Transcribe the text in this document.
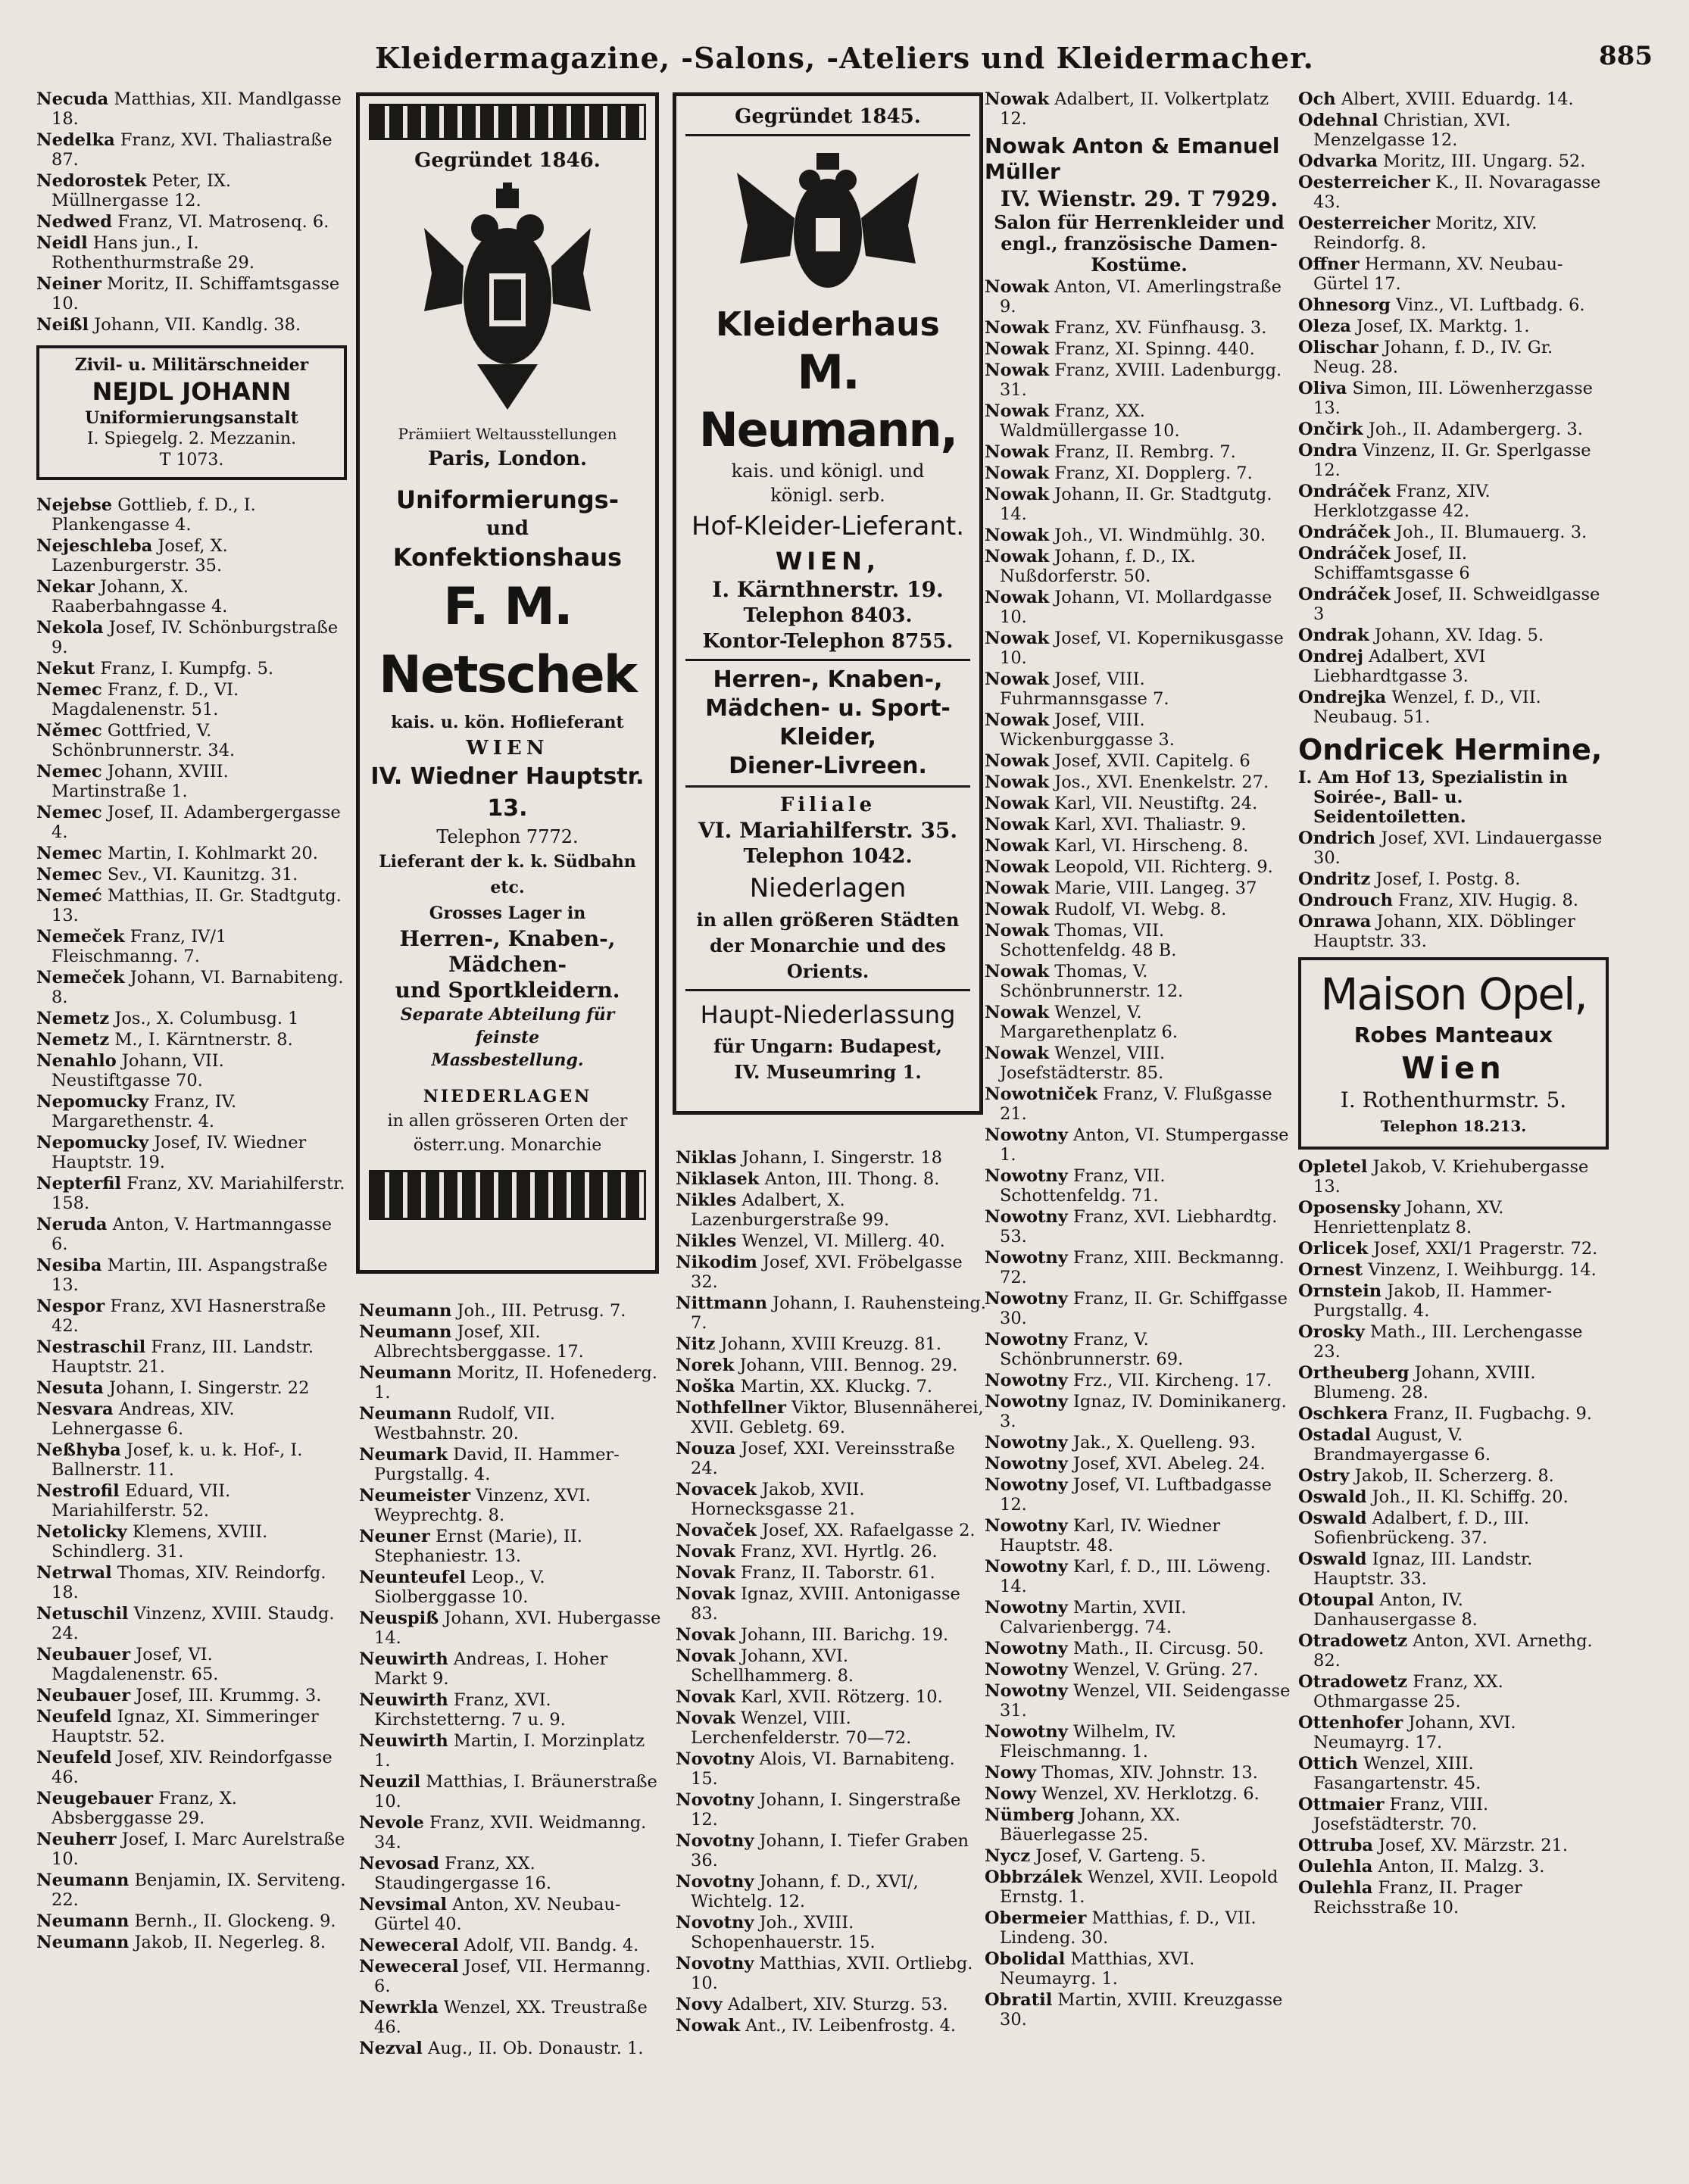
Kleidermagazine, -Salons, -Ateliers und Kleidermacher.	885
Necuda Matthias, XII. Mandlgasse 18.
Nedelka Franz, XVI. Thaliastraße 87.
Nedorostek Peter, IX. Müllnergasse 12.
Nedwed Franz, VI. Matrosenq. 6.
Neidl Hans jun., I. Rothenthurmstraße 29.
Neiner Moritz, II. Schiffamtsgasse 10.
Neißl Johann, VII. Kandlg. 38.
Zivil- u. Militärschneider
NEJDL JOHANN
Uniformierungsanstalt
I. Spiegelg. 2. Mezzanin.
T 1073.
Nejebse Gottlieb, f. D., I. Plankengasse 4.
Nejeschleba Josef, X. Lazenburgerstr. 35.
Nekar Johann, X. Raaberbahngasse 4.
Nekola Josef, IV. Schönburgstraße 9.
Nekut Franz, I. Kumpfg. 5.
Nemec Franz, f. D., VI. Magdalenenstr. 51.
Němec Gottfried, V. Schönbrunnerstr. 34.
Nemec Johann, XVIII. Martinstraße 1.
Nemec Josef, II. Adambergergasse 4.
Nemec Martin, I. Kohlmarkt 20.
Nemec Sev., VI. Kaunitzg. 31.
Nemeć Matthias, II. Gr. Stadtgutg. 13.
Nemeček Franz, IV/1 Fleischmanng. 7.
Nemeček Johann, VI. Barnabiteng. 8.
Nemetz Jos., X. Columbusg. 1
Nemetz M., I. Kärntnerstr. 8.
Nenahlo Johann, VII. Neustiftgasse 70.
Nepomucky Franz, IV. Margarethenstr. 4.
Nepomucky Josef, IV. Wiedner Hauptstr. 19.
Nepterfil Franz, XV. Mariahilferstr. 158.
Neruda Anton, V. Hartmanngasse 6.
Nesiba Martin, III. Aspangstraße 13.
Nespor Franz, XVI Hasnerstraße 42.
Nestraschil Franz, III. Landstr. Hauptstr. 21.
Nesuta Johann, I. Singerstr. 22
Nesvara Andreas, XIV. Lehnergasse 6.
Neßhyba Josef, k. u. k. Hof-, I. Ballnerstr. 11.
Nestrofil Eduard, VII. Mariahilferstr. 52.
Netolicky Klemens, XVIII. Schindlerg. 31.
Netrwal Thomas, XIV. Reindorfg. 18.
Netuschil Vinzenz, XVIII. Staudg. 24.
Neubauer Josef, VI. Magdalenenstr. 65.
Neubauer Josef, III. Krummg. 3.
Neufeld Ignaz, XI. Simmeringer Hauptstr. 52.
Neufeld Josef, XIV. Reindorfgasse 46.
Neugebauer Franz, X. Absberggasse 29.
Neuherr Josef, I. Marc Aurelstraße 10.
Neumann Benjamin, IX. Serviteng. 22.
Neumann Bernh., II. Glockeng. 9.
Neumann Jakob, II. Negerleg. 8.
Gegründet 1846.
Prämiiert Weltausstellungen
Paris, London.
Uniformierungs-
und
Konfektionshaus
F. M. Netschek
kais. u. kön. Hoflieferant
WIEN
IV. Wiedner Hauptstr. 13.
Telephon 7772.
Lieferant der k. k. Südbahn etc.
Grosses Lager in
Herren-, Knaben-, Mädchen-
und Sportkleidern.
Separate Abteilung für feinste
Massbestellung.
NIEDERLAGEN
in allen grösseren Orten der
österr.ung. Monarchie
Neumann Joh., III. Petrusg. 7.
Neumann Josef, XII. Albrechtsberggasse. 17.
Neumann Moritz, II. Hofenederg. 1.
Neumann Rudolf, VII. Westbahnstr. 20.
Neumark David, II. Hammer-Purgstallg. 4.
Neumeister Vinzenz, XVI. Weyprechtg. 8.
Neuner Ernst (Marie), II. Stephaniestr. 13.
Neunteufel Leop., V. Siolberggasse 10.
Neuspiß Johann, XVI. Hubergasse 14.
Neuwirth Andreas, I. Hoher Markt 9.
Neuwirth Franz, XVI. Kirchstetterng. 7 u. 9.
Neuwirth Martin, I. Morzinplatz 1.
Neuzil Matthias, I. Bräunerstraße 10.
Nevole Franz, XVII. Weidmanng. 34.
Nevosad Franz, XX. Staudingergasse 16.
Nevsimal Anton, XV. Neubau-Gürtel 40.
Neweceral Adolf, VII. Bandg. 4.
Neweceral Josef, VII. Hermanng. 6.
Newrkla Wenzel, XX. Treustraße 46.
Nezval Aug., II. Ob. Donaustr. 1.
Gegründet 1845.
Kleiderhaus
M. Neumann,
kais. und königl. und
königl. serb.
Hof-Kleider-Lieferant.
WIEN,
I. Kärnthnerstr. 19.
Telephon 8403.
Kontor-Telephon 8755.
Herren-, Knaben-,
Mädchen- u. Sport-
Kleider,
Diener-Livreen.
Filiale
VI. Mariahilferstr. 35.
Telephon 1042.
Niederlagen
in allen größeren Städten
der Monarchie und des
Orients.
Haupt-Niederlassung
für Ungarn: Budapest,
IV. Museumring 1.
Niklas Johann, I. Singerstr. 18
Niklasek Anton, III. Thong. 8.
Nikles Adalbert, X. Lazenburgerstraße 99.
Nikles Wenzel, VI. Millerg. 40.
Nikodim Josef, XVI. Fröbelgasse 32.
Nittmann Johann, I. Rauhensteing. 7.
Nitz Johann, XVIII Kreuzg. 81.
Norek Johann, VIII. Bennog. 29.
Noška Martin, XX. Kluckg. 7.
Nothfellner Viktor, Blusennäherei, XVII. Gebletg. 69.
Nouza Josef, XXI. Vereinsstraße 24.
Novacek Jakob, XVII. Hornecksgasse 21.
Novaček Josef, XX. Rafaelgasse 2.
Novak Franz, XVI. Hyrtlg. 26.
Novak Franz, II. Taborstr. 61.
Novak Ignaz, XVIII. Antonigasse 83.
Novak Johann, III. Barichg. 19.
Novak Johann, XVI. Schellhammerg. 8.
Novak Karl, XVII. Rötzerg. 10.
Novak Wenzel, VIII. Lerchenfelderstr. 70—72.
Novotny Alois, VI. Barnabiteng. 15.
Novotny Johann, I. Singerstraße 12.
Novotny Johann, I. Tiefer Graben 36.
Novotny Johann, f. D., XVI/, Wichtelg. 12.
Novotny Joh., XVIII. Schopenhauerstr. 15.
Novotny Matthias, XVII. Ortliebg. 10.
Novy Adalbert, XIV. Sturzg. 53.
Nowak Ant., IV. Leibenfrostg. 4.
Nowak Adalbert, II. Volkertplatz 12.
Nowak Anton & Emanuel Müller
IV. Wienstr. 29. T 7929.
Salon für Herrenkleider und engl., französische Damen-Kostüme.
Nowak Anton, VI. Amerlingstraße 9.
Nowak Franz, XV. Fünfhausg. 3.
Nowak Franz, XI. Spinng. 440.
Nowak Franz, XVIII. Ladenburgg. 31.
Nowak Franz, XX. Waldmüllergasse 10.
Nowak Franz, II. Rembrg. 7.
Nowak Franz, XI. Dopplerg. 7.
Nowak Johann, II. Gr. Stadtgutg. 14.
Nowak Joh., VI. Windmühlg. 30.
Nowak Johann, f. D., IX. Nußdorferstr. 50.
Nowak Johann, VI. Mollardgasse 10.
Nowak Josef, VI. Kopernikusgasse 10.
Nowak Josef, VIII. Fuhrmannsgasse 7.
Nowak Josef, VIII. Wickenburggasse 3.
Nowak Josef, XVII. Capitelg. 6
Nowak Jos., XVI. Enenkelstr. 27.
Nowak Karl, VII. Neustiftg. 24.
Nowak Karl, XVI. Thaliastr. 9.
Nowak Karl, VI. Hirscheng. 8.
Nowak Leopold, VII. Richterg. 9.
Nowak Marie, VIII. Langeg. 37
Nowak Rudolf, VI. Webg. 8.
Nowak Thomas, VII. Schottenfeldg. 48 B.
Nowak Thomas, V. Schönbrunnerstr. 12.
Nowak Wenzel, V. Margarethenplatz 6.
Nowak Wenzel, VIII. Josefstädterstr. 85.
Nowotniček Franz, V. Flußgasse 21.
Nowotny Anton, VI. Stumpergasse 1.
Nowotny Franz, VII. Schottenfeldg. 71.
Nowotny Franz, XVI. Liebhardtg. 53.
Nowotny Franz, XIII. Beckmanng. 72.
Nowotny Franz, II. Gr. Schiffgasse 30.
Nowotny Franz, V. Schönbrunnerstr. 69.
Nowotny Frz., VII. Kircheng. 17.
Nowotny Ignaz, IV. Dominikanerg. 3.
Nowotny Jak., X. Quelleng. 93.
Nowotny Josef, XVI. Abeleg. 24.
Nowotny Josef, VI. Luftbadgasse 12.
Nowotny Karl, IV. Wiedner Hauptstr. 48.
Nowotny Karl, f. D., III. Löweng. 14.
Nowotny Martin, XVII. Calvarienbergg. 74.
Nowotny Math., II. Circusg. 50.
Nowotny Wenzel, V. Grüng. 27.
Nowotny Wenzel, VII. Seidengasse 31.
Nowotny Wilhelm, IV. Fleischmanng. 1.
Nowy Thomas, XIV. Johnstr. 13.
Nowy Wenzel, XV. Herklotzg. 6.
Nümberg Johann, XX. Bäuerlegasse 25.
Nycz Josef, V. Garteng. 5.
Obbrzálek Wenzel, XVII. Leopold Ernstg. 1.
Obermeier Matthias, f. D., VII. Lindeng. 30.
Obolidal Matthias, XVI. Neumayrg. 1.
Obratil Martin, XVIII. Kreuzgasse 30.
Och Albert, XVIII. Eduardg. 14.
Odehnal Christian, XVI. Menzelgasse 12.
Odvarka Moritz, III. Ungarg. 52.
Oesterreicher K., II. Novaragasse 43.
Oesterreicher Moritz, XIV. Reindorfg. 8.
Offner Hermann, XV. Neubau-Gürtel 17.
Ohnesorg Vinz., VI. Luftbadg. 6.
Oleza Josef, IX. Marktg. 1.
Olischar Johann, f. D., IV. Gr. Neug. 28.
Oliva Simon, III. Löwenherzgasse 13.
Ončirk Joh., II. Adambergerg. 3.
Ondra Vinzenz, II. Gr. Sperlgasse 12.
Ondráček Franz, XIV. Herklotzgasse 42.
Ondráček Joh., II. Blumauerg. 3.
Ondráček Josef, II. Schiffamtsgasse 6
Ondráček Josef, II. Schweidlgasse 3
Ondrak Johann, XV. Idag. 5.
Ondrej Adalbert, XVI Liebhardtgasse 3.
Ondrejka Wenzel, f. D., VII. Neubaug. 51.
Ondricek Hermine,
I. Am Hof 13, Spezialistin in Soirée-, Ball- u. Seidentoiletten.
Ondrich Josef, XVI. Lindauergasse 30.
Ondritz Josef, I. Postg. 8.
Ondrouch Franz, XIV. Hugig. 8.
Onrawa Johann, XIX. Döblinger Hauptstr. 33.
Maison Opel,
Robes Manteaux
Wien
I. Rothenthurmstr. 5.
Telephon 18.213.
Opletel Jakob, V. Kriehubergasse 13.
Oposensky Johann, XV. Henriettenplatz 8.
Orlicek Josef, XXI/1 Pragerstr. 72.
Ornest Vinzenz, I. Weihburgg. 14.
Ornstein Jakob, II. Hammer-Purgstallg. 4.
Orosky Math., III. Lerchengasse 23.
Ortheuberg Johann, XVIII. Blumeng. 28.
Oschkera Franz, II. Fugbachg. 9.
Ostadal August, V. Brandmayergasse 6.
Ostry Jakob, II. Scherzerg. 8.
Oswald Joh., II. Kl. Schiffg. 20.
Oswald Adalbert, f. D., III. Sofienbrückeng. 37.
Oswald Ignaz, III. Landstr. Hauptstr. 33.
Otoupal Anton, IV. Danhausergasse 8.
Otradowetz Anton, XVI. Arnethg. 82.
Otradowetz Franz, XX. Othmargasse 25.
Ottenhofer Johann, XVI. Neumayrg. 17.
Ottich Wenzel, XIII. Fasangartenstr. 45.
Ottmaier Franz, VIII. Josefstädterstr. 70.
Ottruba Josef, XV. Märzstr. 21.
Oulehla Anton, II. Malzg. 3.
Oulehla Franz, II. Prager Reichsstraße 10.
